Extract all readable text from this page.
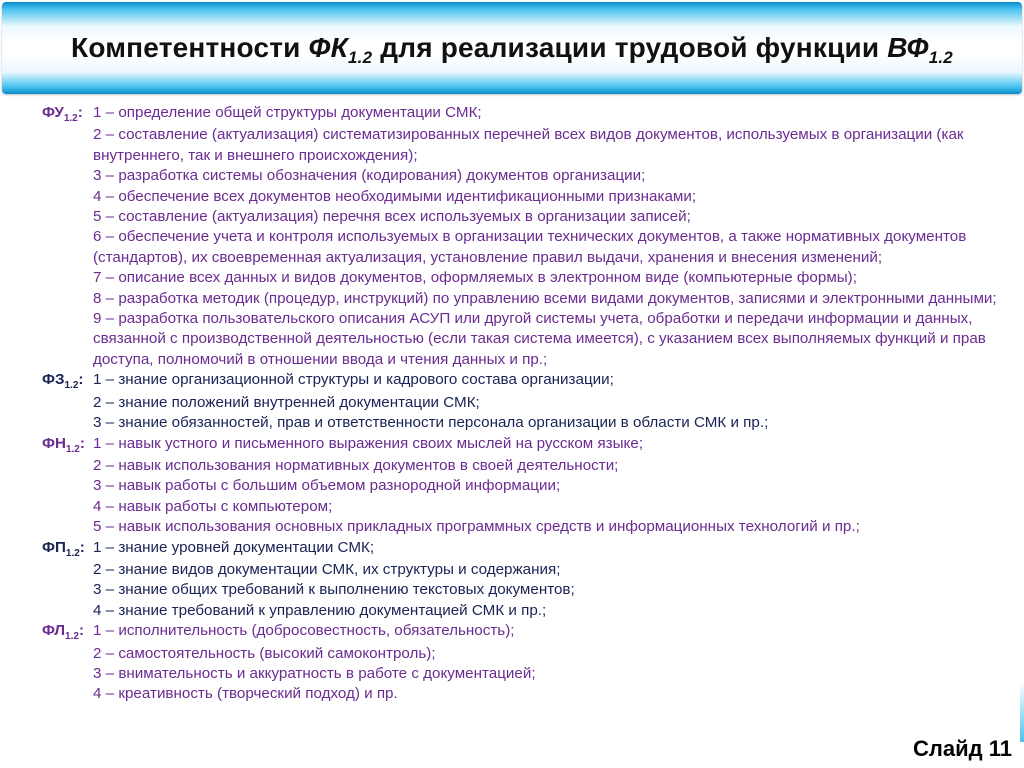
Компетентности $ФК_{1.2}$ для реализации трудовой функции $ВФ_{1.2}$
$ФУ_{1.2}$: 1 – определение общей структуры документации СМК;
2 – составление (актуализация) систематизированных перечней всех видов документов, используемых в организации (как внутреннего, так и внешнего происхождения);
3 – разработка системы обозначения (кодирования) документов организации;
4 – обеспечение всех документов необходимыми идентификационными признаками;
5 – составление (актуализация) перечня всех используемых в организации записей;
6 – обеспечение учета и контроля используемых в организации технических документов, а также нормативных документов (стандартов), их своевременная актуализация, установление правил выдачи, хранения и внесения изменений;
7 – описание всех данных и видов документов, оформляемых в электронном виде (компьютерные формы);
8 – разработка методик (процедур, инструкций) по управлению всеми видами документов, записями и электронными данными;
9 – разработка пользовательского описания АСУП или другой системы учета, обработки и передачи информации и данных, связанной с производственной деятельностью (если такая система имеется), с указанием всех выполняемых функций и прав доступа, полномочий в отношении ввода и чтения данных и пр.;
$ФЗ_{1.2}$: 1 – знание организационной структуры и кадрового состава организации;
2 – знание положений внутренней документации СМК;
3 – знание обязанностей, прав и ответственности персонала организации в области СМК и пр.;
$ФН_{1.2}$: 1 – навык устного и письменного выражения своих мыслей на русском языке;
2 – навык использования нормативных документов в своей деятельности;
3 – навык работы с большим объемом разнородной информации;
4 – навык работы с компьютером;
5 – навык использования основных прикладных программных средств и информационных технологий и пр.;
$ФП_{1.2}$: 1 – знание уровней документации СМК;
2 – знание видов документации СМК, их структуры и содержания;
3 – знание общих требований к выполнению текстовых документов;
4 – знание требований к управлению документацией СМК и пр.;
$ФЛ_{1.2}$: 1 – исполнительность (добросовестность, обязательность);
2 – самостоятельность (высокий самоконтроль);
3 – внимательность и аккуратность в работе с документацией;
4 – креативность (творческий подход) и пр.
Слайд 11
